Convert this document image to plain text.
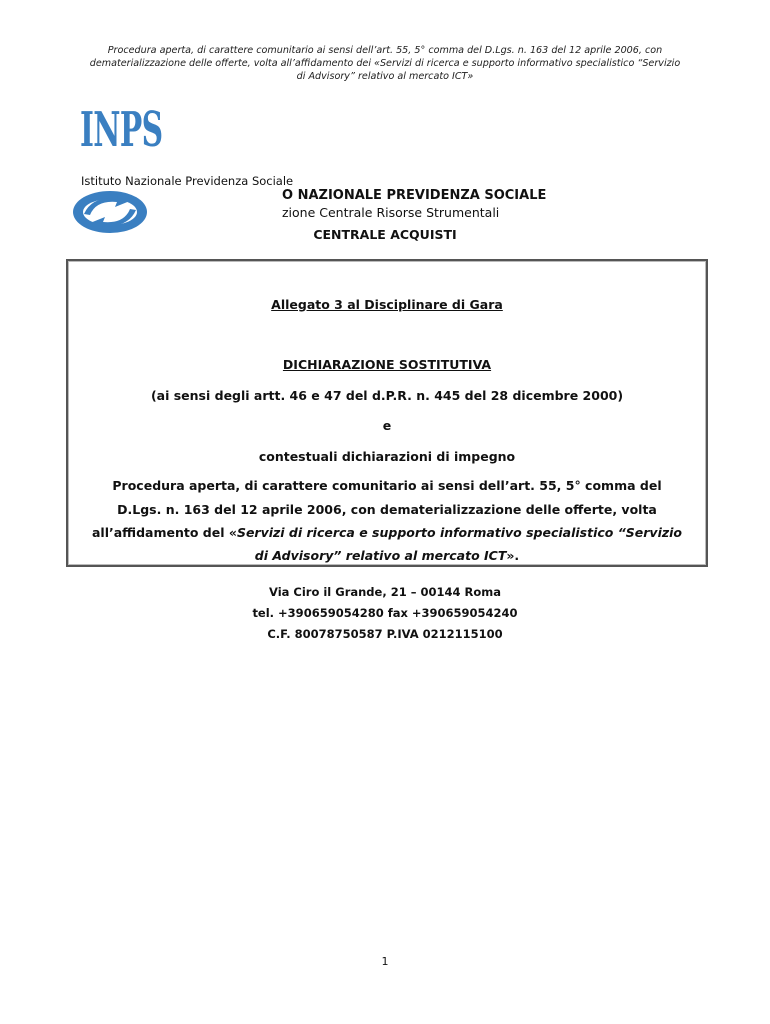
Procedura aperta, di carattere comunitario ai sensi dell’art. 55, 5° comma del D.Lgs. n. 163 del 12 aprile 2006, con
dematerializzazione delle offerte, volta all’affidamento dei «Servizi di ricerca e supporto informativo specialistico “Servizio
di Advisory” relativo al mercato ICT»
INPS
Istituto Nazionale Previdenza Sociale
O NAZIONALE PREVIDENZA SOCIALE
zione Centrale Risorse Strumentali
CENTRALE ACQUISTI
Allegato 3 al Disciplinare di Gara
DICHIARAZIONE SOSTITUTIVA
(ai sensi degli artt. 46 e 47 del d.P.R. n. 445 del 28 dicembre 2000)
e
contestuali dichiarazioni di impegno
Procedura aperta, di carattere comunitario ai sensi dell’art. 55, 5° comma del
D.Lgs. n. 163 del 12 aprile 2006, con dematerializzazione delle offerte, volta
all’affidamento del «Servizi di ricerca e supporto informativo specialistico “Servizio
di Advisory” relativo al mercato ICT».
Via Ciro il Grande, 21 – 00144 Roma
tel. +390659054280 fax +390659054240
C.F. 80078750587 P.IVA 0212115100
1
